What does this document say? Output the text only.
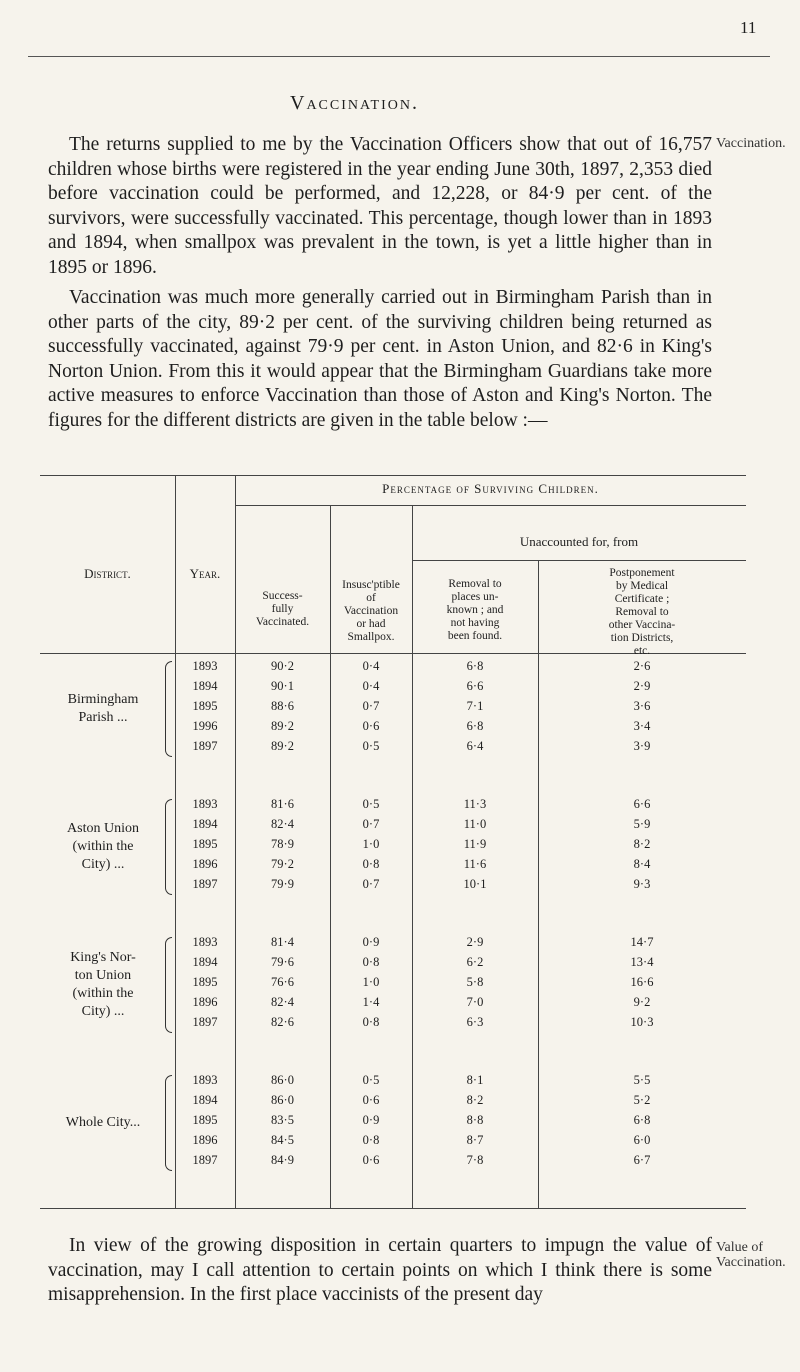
11
Vaccination.
Vaccination.
The returns supplied to me by the Vaccination Officers show that out of 16,757 children whose births were registered in the year ending June 30th, 1897, 2,353 died before vaccination could be performed, and 12,228, or 84·9 per cent. of the survivors, were successfully vaccinated. This percentage, though lower than in 1893 and 1894, when smallpox was prevalent in the town, is yet a little higher than in 1895 or 1896.
Vaccination was much more generally carried out in Birmingham Parish than in other parts of the city, 89·2 per cent. of the surviving children being returned as successfully vaccinated, against 79·9 per cent. in Aston Union, and 82·6 in King's Norton Union. From this it would appear that the Birmingham Guardians take more active measures to enforce Vaccination than those of Aston and King's Norton. The figures for the different districts are given in the table below :—
Percentage of Surviving Children.
Unaccounted for, from
District.	Year.
Success-
fully
Vaccinated.
Insusc'ptible
of
Vaccination
or had
Smallpox.
Removal to
places un-
known ; and
not having
been found.
Postponement
by Medical
Certificate ;
Removal to
other Vaccina-
tion Districts,
etc.
Birmingham
Parish ...
1893	90·2	0·4	6·8	2·6
1894	90·1	0·4	6·6	2·9
1895	88·6	0·7	7·1	3·6
1996	89·2	0·6	6·8	3·4
1897	89·2	0·5	6·4	3·9
Aston Union
(within the
City) ...
1893	81·6	0·5	11·3	6·6
1894	82·4	0·7	11·0	5·9
1895	78·9	1·0	11·9	8·2
1896	79·2	0·8	11·6	8·4
1897	79·9	0·7	10·1	9·3
King's Nor-
ton Union
(within the
City) ...
1893	81·4	0·9	2·9	14·7
1894	79·6	0·8	6·2	13·4
1895	76·6	1·0	5·8	16·6
1896	82·4	1·4	7·0	9·2
1897	82·6	0·8	6·3	10·3
Whole City...
1893	86·0	0·5	8·1	5·5
1894	86·0	0·6	8·2	5·2
1895	83·5	0·9	8·8	6·8
1896	84·5	0·8	8·7	6·0
1897	84·9	0·6	7·8	6·7
In view of the growing disposition in certain quarters to impugn the value of vaccination, may I call attention to certain points on which I think there is some misapprehension. In the first place vaccinists of the present day
Value of Vaccination.
